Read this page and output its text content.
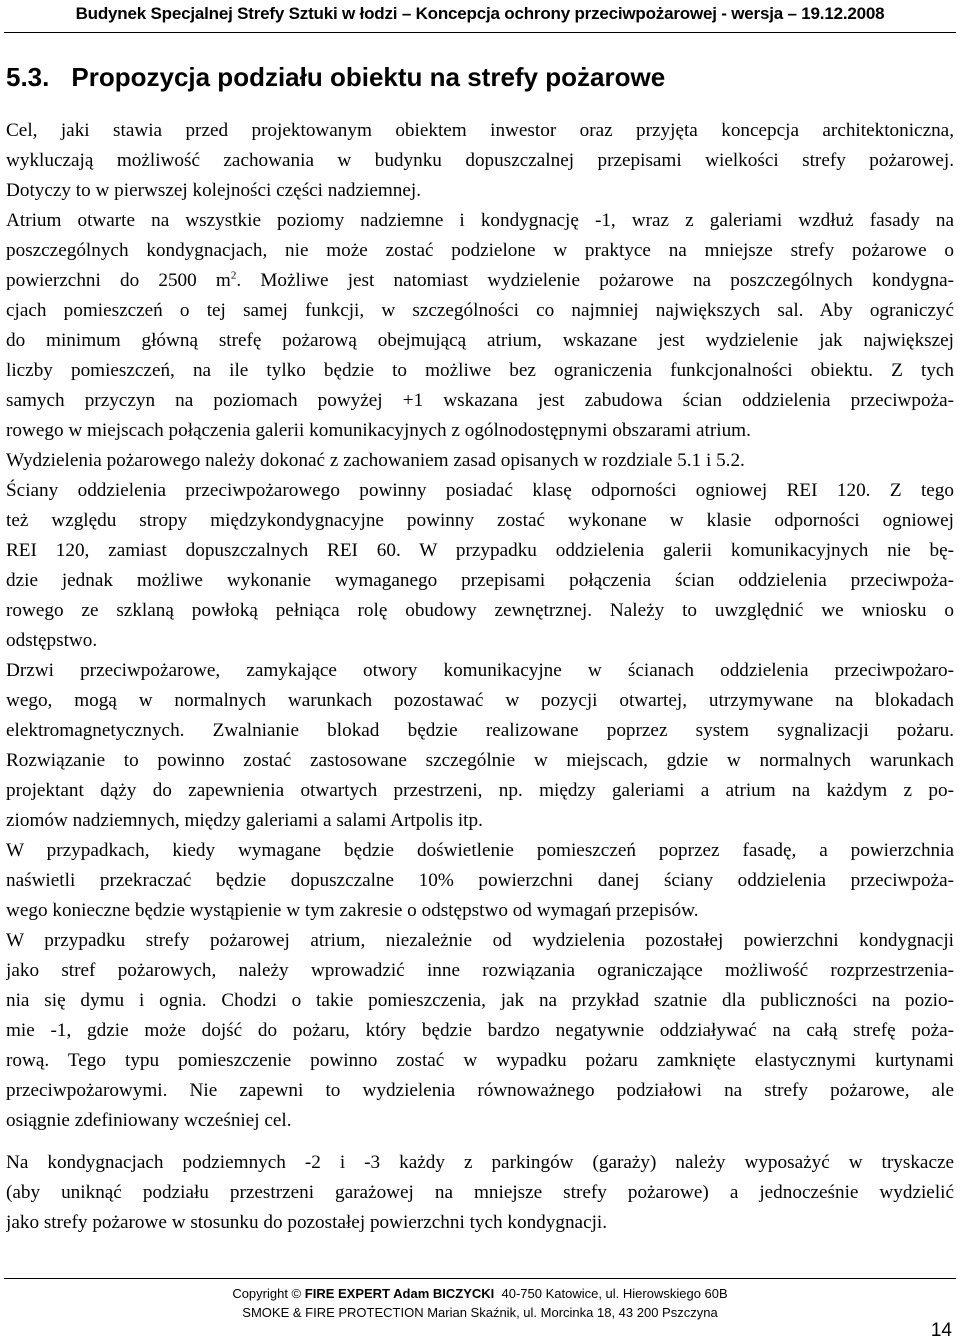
Budynek Specjalnej Strefy Sztuki w łodzi – Koncepcja ochrony przeciwpożarowej - wersja – 19.12.2008
5.3. Propozycja podziału obiektu na strefy pożarowe
Cel, jaki stawia przed projektowanym obiektem inwestor oraz przyjęta koncepcja architektoniczna,
wykluczają możliwość zachowania w budynku dopuszczalnej przepisami wielkości strefy pożarowej.
Dotyczy to w pierwszej kolejności części nadziemnej.
Atrium otwarte na wszystkie poziomy nadziemne i kondygnację -1, wraz z galeriami wzdłuż fasady na
poszczególnych kondygnacjach, nie może zostać podzielone w praktyce na mniejsze strefy pożarowe o
powierzchni do 2500 $m^2$. Możliwe jest natomiast wydzielenie pożarowe na poszczególnych kondygna-
cjach pomieszczeń o tej samej funkcji, w szczególności co najmniej największych sal. Aby ograniczyć
do minimum główną strefę pożarową obejmującą atrium, wskazane jest wydzielenie jak największej
liczby pomieszczeń, na ile tylko będzie to możliwe bez ograniczenia funkcjonalności obiektu. Z tych
samych przyczyn na poziomach powyżej +1 wskazana jest zabudowa ścian oddzielenia przeciwpoża-
rowego w miejscach połączenia galerii komunikacyjnych z ogólnodostępnymi obszarami atrium.
Wydzielenia pożarowego należy dokonać z zachowaniem zasad opisanych w rozdziale 5.1 i 5.2.
Ściany oddzielenia przeciwpożarowego powinny posiadać klasę odporności ogniowej REI 120. Z tego
też względu stropy międzykondygnacyjne powinny zostać wykonane w klasie odporności ogniowej
REI 120, zamiast dopuszczalnych REI 60. W przypadku oddzielenia galerii komunikacyjnych nie bę-
dzie jednak możliwe wykonanie wymaganego przepisami połączenia ścian oddzielenia przeciwpoża-
rowego ze szklaną powłoką pełniąca rolę obudowy zewnętrznej. Należy to uwzględnić we wniosku o
odstępstwo.
Drzwi przeciwpożarowe, zamykające otwory komunikacyjne w ścianach oddzielenia przeciwpożaro-
wego, mogą w normalnych warunkach pozostawać w pozycji otwartej, utrzymywane na blokadach
elektromagnetycznych. Zwalnianie blokad będzie realizowane poprzez system sygnalizacji pożaru.
Rozwiązanie to powinno zostać zastosowane szczególnie w miejscach, gdzie w normalnych warunkach
projektant dąży do zapewnienia otwartych przestrzeni, np. między galeriami a atrium na każdym z po-
ziomów nadziemnych, między galeriami a salami Artpolis itp.
W przypadkach, kiedy wymagane będzie doświetlenie pomieszczeń poprzez fasadę, a powierzchnia
naświetli przekraczać będzie dopuszczalne 10% powierzchni danej ściany oddzielenia przeciwpoża-
wego konieczne będzie wystąpienie w tym zakresie o odstępstwo od wymagań przepisów.
W przypadku strefy pożarowej atrium, niezależnie od wydzielenia pozostałej powierzchni kondygnacji
jako stref pożarowych, należy wprowadzić inne rozwiązania ograniczające możliwość rozprzestrzenia-
nia się dymu i ognia. Chodzi o takie pomieszczenia, jak na przykład szatnie dla publiczności na pozio-
mie -1, gdzie może dojść do pożaru, który będzie bardzo negatywnie oddziaływać na całą strefę poża-
rową. Tego typu pomieszczenie powinno zostać w wypadku pożaru zamknięte elastycznymi kurtynami
przeciwpożarowymi. Nie zapewni to wydzielenia równoważnego podziałowi na strefy pożarowe, ale
osiągnie zdefiniowany wcześniej cel.
Na kondygnacjach podziemnych -2 i -3 każdy z parkingów (garaży) należy wyposażyć w tryskacze
(aby uniknąć podziału przestrzeni garażowej na mniejsze strefy pożarowe) a jednocześnie wydzielić
jako strefy pożarowe w stosunku do pozostałej powierzchni tych kondygnacji.
Copyright © FIRE EXPERT Adam BICZYCKI 40-750 Katowice, ul. Hierowskiego 60B
SMOKE & FIRE PROTECTION Marian Skaźnik, ul. Morcinka 18, 43 200 Pszczyna
14
